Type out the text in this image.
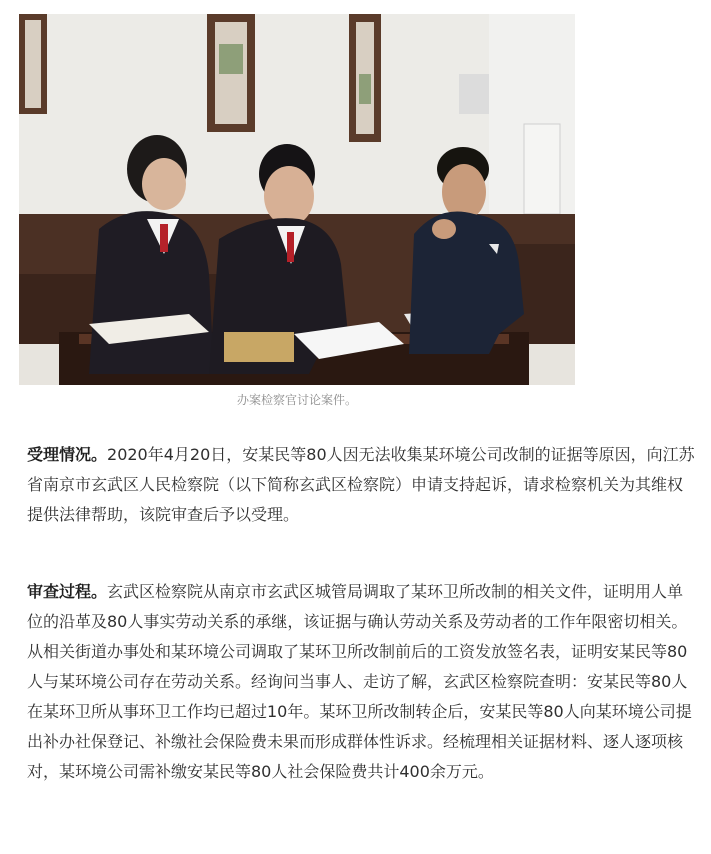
办案检察官讨论案件。
受理情况。2020年4月20日，安某民等80人因无法收集某环境公司改制的证据等原因，向江苏省南京市玄武区人民检察院（以下简称玄武区检察院）申请支持起诉，请求检察机关为其维权提供法律帮助，该院审查后予以受理。
审查过程。玄武区检察院从南京市玄武区城管局调取了某环卫所改制的相关文件，证明用人单位的沿革及80人事实劳动关系的承继，该证据与确认劳动关系及劳动者的工作年限密切相关。从相关街道办事处和某环境公司调取了某环卫所改制前后的工资发放签名表，证明安某民等80人与某环境公司存在劳动关系。经询问当事人、走访了解，玄武区检察院查明：安某民等80人在某环卫所从事环卫工作均已超过10年。某环卫所改制转企后，安某民等80人向某环境公司提出补办社保登记、补缴社会保险费未果而形成群体性诉求。经梳理相关证据材料、逐人逐项核对，某环境公司需补缴安某民等80人社会保险费共计400余万元。
